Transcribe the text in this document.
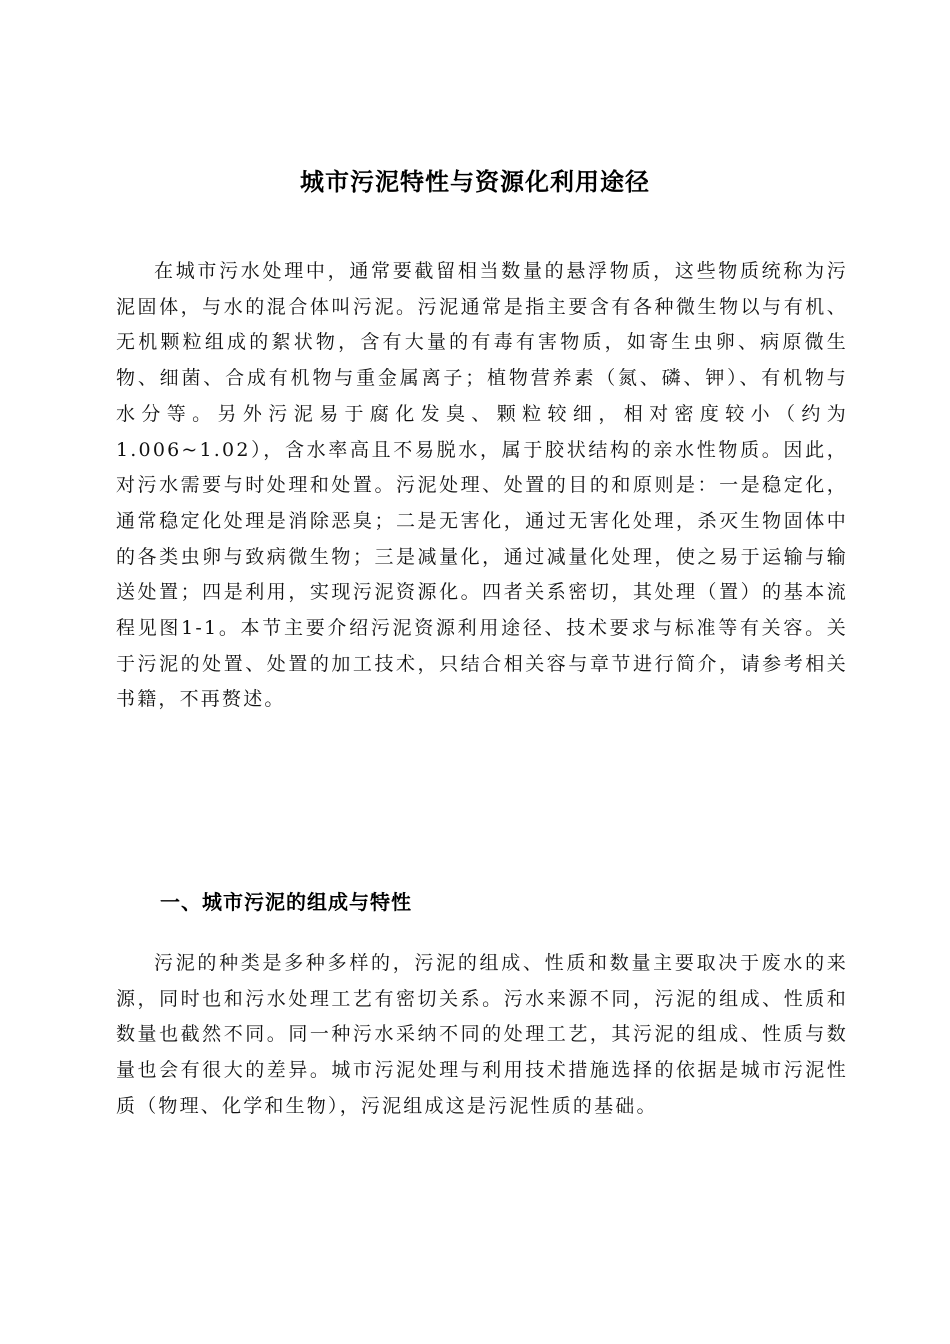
城市污泥特性与资源化利用途径

在城市污水处理中，通常要截留相当数量的悬浮物质，这些物质统称为污泥固体，与水的混合体叫污泥。污泥通常是指主要含有各种微生物以与有机、无机颗粒组成的絮状物，含有大量的有毒有害物质，如寄生虫卵、病原微生物、细菌、合成有机物与重金属离子；植物营养素（氮、磷、钾）、有机物与水分等。另外污泥易于腐化发臭、颗粒较细，相对密度较小（约为1.006~1.02），含水率高且不易脱水，属于胶状结构的亲水性物质。因此，对污水需要与时处理和处置。污泥处理、处置的目的和原则是：一是稳定化，通常稳定化处理是消除恶臭；二是无害化，通过无害化处理，杀灭生物固体中的各类虫卵与致病微生物；三是减量化，通过减量化处理，使之易于运输与输送处置；四是利用，实现污泥资源化。四者关系密切，其处理（置）的基本流程见图1-1。本节主要介绍污泥资源利用途径、技术要求与标准等有关容。关于污泥的处置、处置的加工技术，只结合相关容与章节进行简介，请参考相关书籍，不再赘述。

一、城市污泥的组成与特性

污泥的种类是多种多样的，污泥的组成、性质和数量主要取决于废水的来源，同时也和污水处理工艺有密切关系。污水来源不同，污泥的组成、性质和数量也截然不同。同一种污水采纳不同的处理工艺，其污泥的组成、性质与数量也会有很大的差异。城市污泥处理与利用技术措施选择的依据是城市污泥性质（物理、化学和生物），污泥组成这是污泥性质的基础。
